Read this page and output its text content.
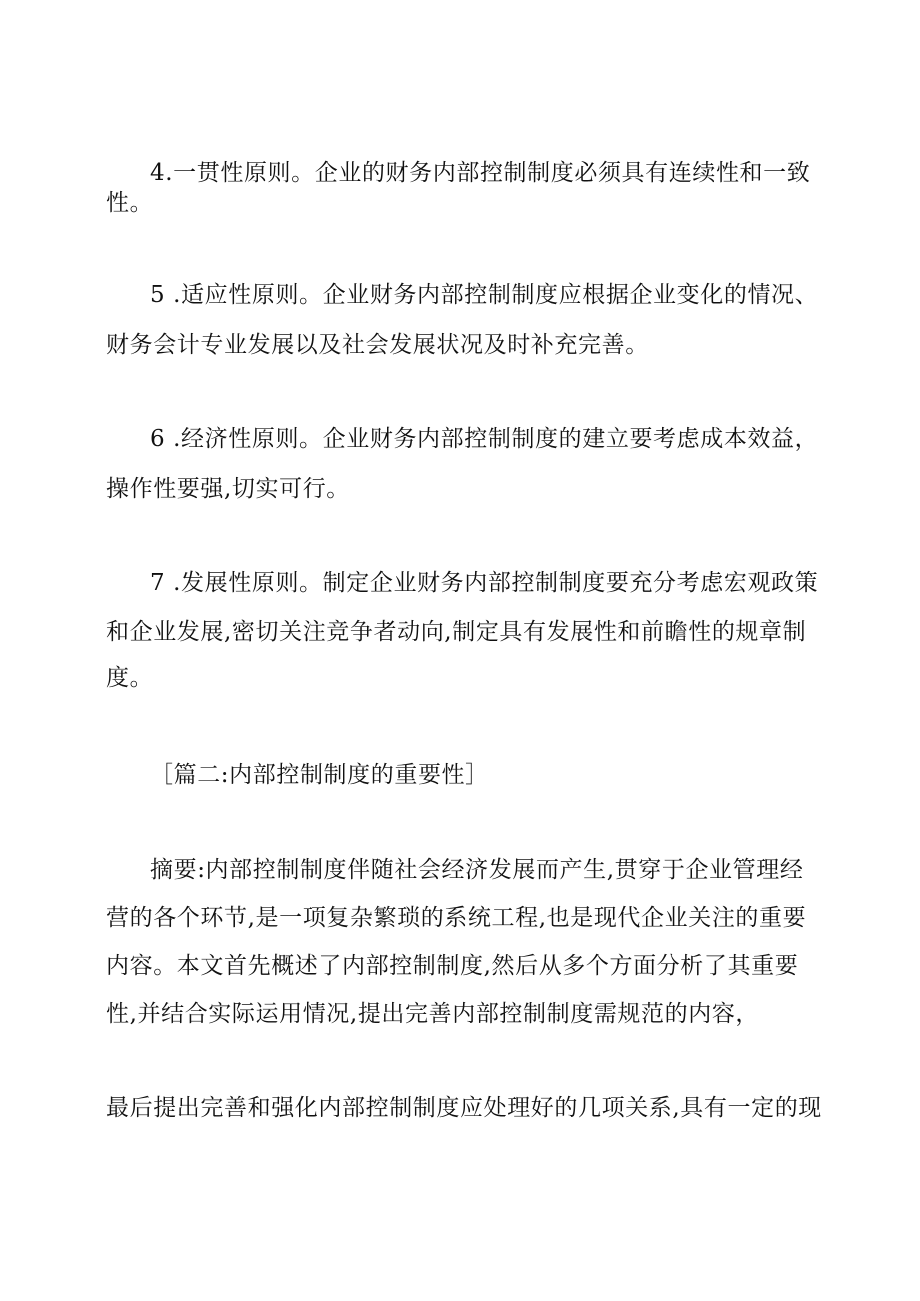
4.一贯性原则。企业的财务内部控制制度必须具有连续性和一致
性。
5 .适应性原则。企业财务内部控制制度应根据企业变化的情况、
财务会计专业发展以及社会发展状况及时补充完善。
6 .经济性原则。企业财务内部控制制度的建立要考虑成本效益，
操作性要强,切实可行。
7 .发展性原则。制定企业财务内部控制制度要充分考虑宏观政策
和企业发展,密切关注竞争者动向,制定具有发展性和前瞻性的规章制
度。
［篇二:内部控制制度的重要性］
摘要:内部控制制度伴随社会经济发展而产生,贯穿于企业管理经
营的各个环节,是一项复杂繁琐的系统工程,也是现代企业关注的重要
内容。本文首先概述了内部控制制度,然后从多个方面分析了其重要
性,并结合实际运用情况,提出完善内部控制制度需规范的内容，
最后提出完善和强化内部控制制度应处理好的几项关系,具有一定的现
